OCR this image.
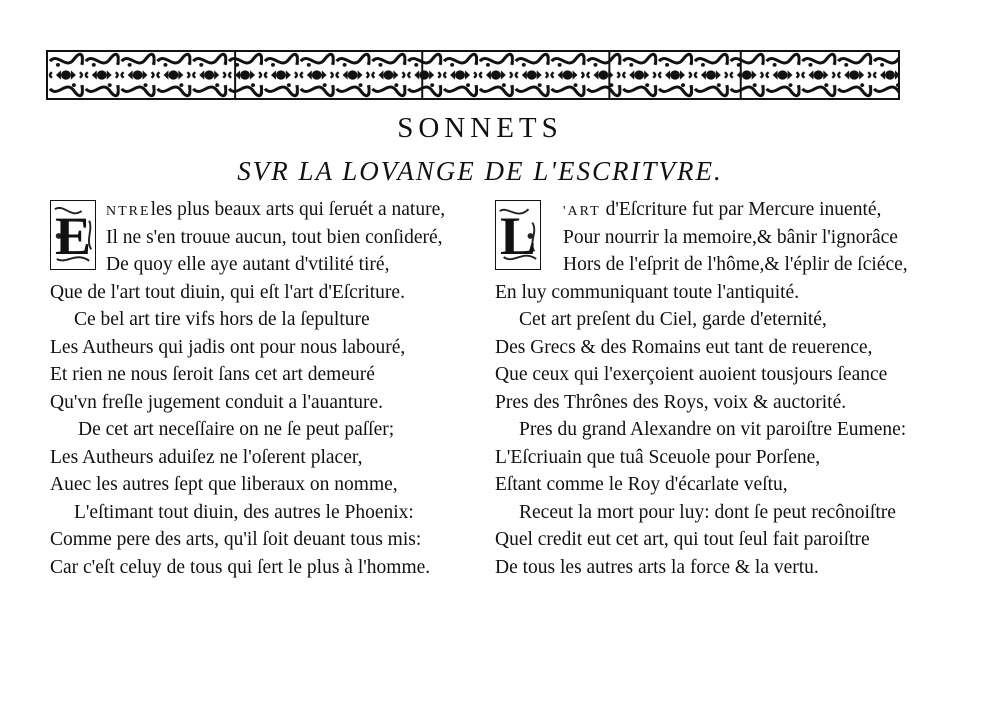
SONNETS
SVR LA LOVANGE DE L'ESCRITVRE.
E	NTREles plus beaux arts qui ſeruét a nature,
Il ne s'en trouue aucun, tout bien conſideré,
De quoy elle aye autant d'vtilité tiré,
Que de l'art tout diuin, qui eſt l'art d'Eſcriture.
Ce bel art tire vifs hors de la ſepulture
Les Autheurs qui jadis ont pour nous labouré,
Et rien ne nous ſeroit ſans cet art demeuré
Qu'vn freſle jugement conduit a l'auanture.
De cet art neceſſaire on ne ſe peut paſſer;
Les Autheurs aduiſez ne l'oſerent placer,
Auec les autres ſept que liberaux on nomme,
L'eſtimant tout diuin, des autres le Phoenix:
Comme pere des arts, qu'il ſoit deuant tous mis:
Car c'eſt celuy de tous qui ſert le plus à l'homme.
L	'ART d'Eſcriture fut par Mercure inuenté,
Pour nourrir la memoire,& bânir l'ignorâce
Hors de l'eſprit de l'hôme,& l'éplir de ſciéce,
En luy communiquant toute l'antiquité.
Cet art preſent du Ciel, garde d'eternité,
Des Grecs & des Romains eut tant de reuerence,
Que ceux qui l'exerçoient auoient tousjours ſeance
Pres des Thrônes des Roys, voix & auctorité.
Pres du grand Alexandre on vit paroiſtre Eumene:
L'Eſcriuain que tuâ Sceuole pour Porſene,
Eſtant comme le Roy d'écarlate veſtu,
Receut la mort pour luy: dont ſe peut recônoiſtre
Quel credit eut cet art, qui tout ſeul fait paroiſtre
De tous les autres arts la force & la vertu.
